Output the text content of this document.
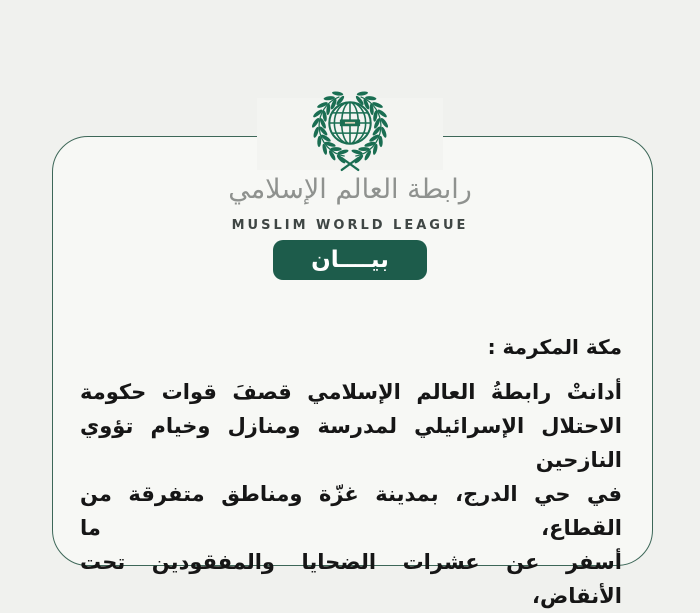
رابطة العالم الإسلامي
MUSLIM WORLD LEAGUE
بيــــان
مكة المكرمة :
أدانتْ رابطةُ العالم الإسلامي قصفَ قوات حكومة
الاحتلال الإسرائيلي لمدرسة ومنازل وخيام تؤوي النازحين
في حي الدرج، بمدينة غزّة ومناطق متفرقة من القطاع، ما
أسفر عن عشرات الضحايا والمفقودين تحت الأنقاض،
